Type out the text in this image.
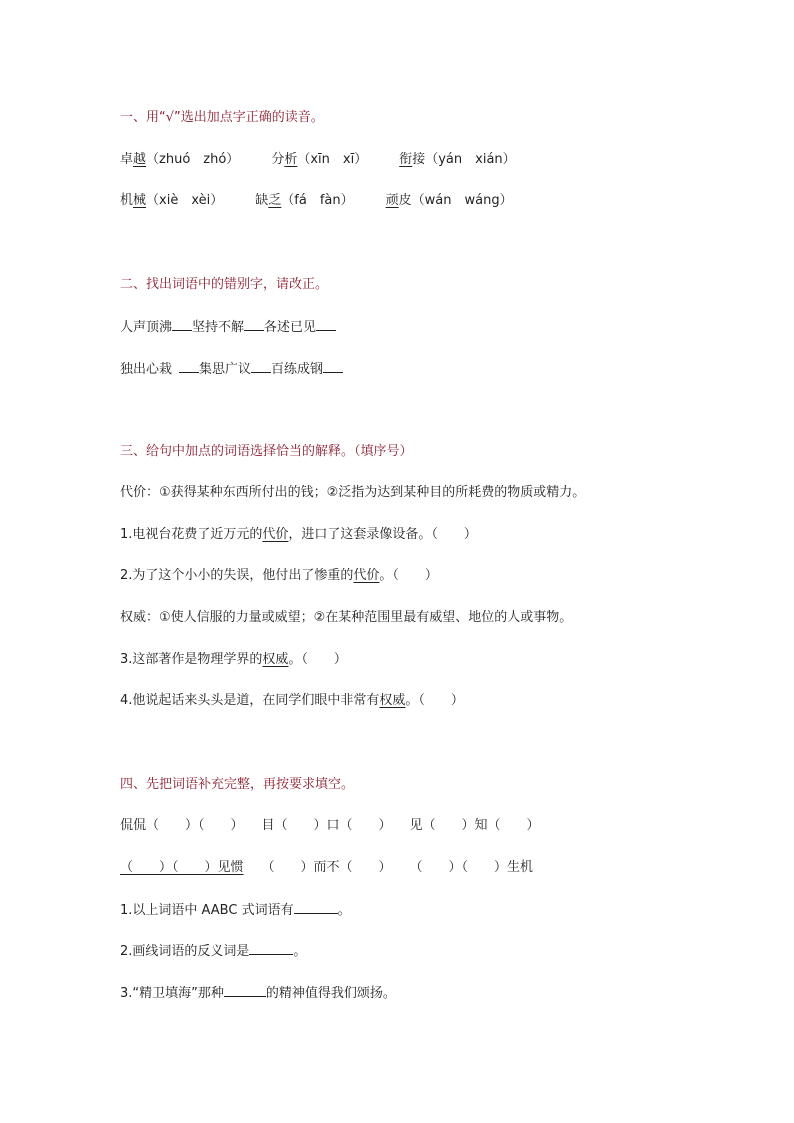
一、用“√”选出加点字正确的读音。
卓越（zhuó　zhó） 分析（xīn　xī） 衔接（yán　xián）
机械（xiè　xèi） 缺乏（fá　fàn） 顽皮（wán　wáng）
二、找出词语中的错别字，请改正。
人声顶沸 坚持不解 各述已见
独出心栽 集思广议 百练成钢
三、给句中加点的词语选择恰当的解释。（填序号）
代价：①获得某种东西所付出的钱；②泛指为达到某种目的所耗费的物质或精力。
1.电视台花费了近万元的代价，进口了这套录像设备。（　　）
2.为了这个小小的失误，他付出了惨重的代价。（　　）
权威：①使人信服的力量或威望；②在某种范围里最有威望、地位的人或事物。
3.这部著作是物理学界的权威。（　　）
4.他说起话来头头是道，在同学们眼中非常有权威。（　　）
四、先把词语补充完整，再按要求填空。
侃侃（　　）（　　） 目（　　）口（　　） 见（　　）知（　　）
（　　）（　　）见惯 （　　）而不（　　） （　　）（　　）生机
1.以上词语中 AABC 式词语有	。
2.画线词语的反义词是	。
3.“精卫填海”那种	的精神值得我们颂扬。
